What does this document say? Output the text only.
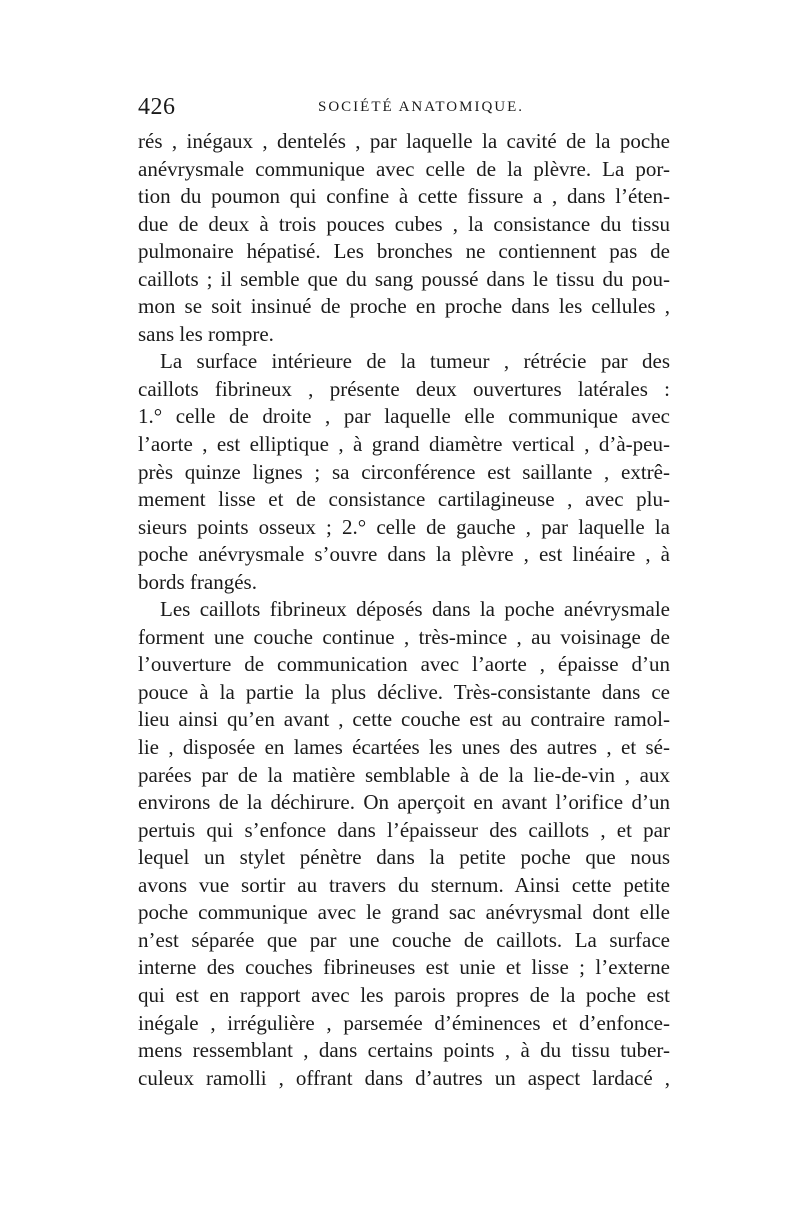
426	SOCIÉTÉ ANATOMIQUE.
rés , inégaux , dentelés , par laquelle la cavité de la poche
anévrysmale communique avec celle de la plèvre. La por-
tion du poumon qui confine à cette fissure a , dans l’éten-
due de deux à trois pouces cubes , la consistance du tissu
pulmonaire hépatisé. Les bronches ne contiennent pas de
caillots ; il semble que du sang poussé dans le tissu du pou-
mon se soit insinué de proche en proche dans les cellules ,
sans les rompre.
La surface intérieure de la tumeur , rétrécie par des
caillots fibrineux , présente deux ouvertures latérales :
1.° celle de droite , par laquelle elle communique avec
l’aorte , est elliptique , à grand diamètre vertical , d’à-peu-
près quinze lignes ; sa circonférence est saillante , extrê-
mement lisse et de consistance cartilagineuse , avec plu-
sieurs points osseux ; 2.° celle de gauche , par laquelle la
poche anévrysmale s’ouvre dans la plèvre , est linéaire , à
bords frangés.
Les caillots fibrineux déposés dans la poche anévrysmale
forment une couche continue , très-mince , au voisinage de
l’ouverture de communication avec l’aorte , épaisse d’un
pouce à la partie la plus déclive. Très-consistante dans ce
lieu ainsi qu’en avant , cette couche est au contraire ramol-
lie , disposée en lames écartées les unes des autres , et sé-
parées par de la matière semblable à de la lie-de-vin , aux
environs de la déchirure. On aperçoit en avant l’orifice d’un
pertuis qui s’enfonce dans l’épaisseur des caillots , et par
lequel un stylet pénètre dans la petite poche que nous
avons vue sortir au travers du sternum. Ainsi cette petite
poche communique avec le grand sac anévrysmal dont elle
n’est séparée que par une couche de caillots. La surface
interne des couches fibrineuses est unie et lisse ; l’externe
qui est en rapport avec les parois propres de la poche est
inégale , irrégulière , parsemée d’éminences et d’enfonce-
mens ressemblant , dans certains points , à du tissu tuber-
culeux ramolli , offrant dans d’autres un aspect lardacé ,
